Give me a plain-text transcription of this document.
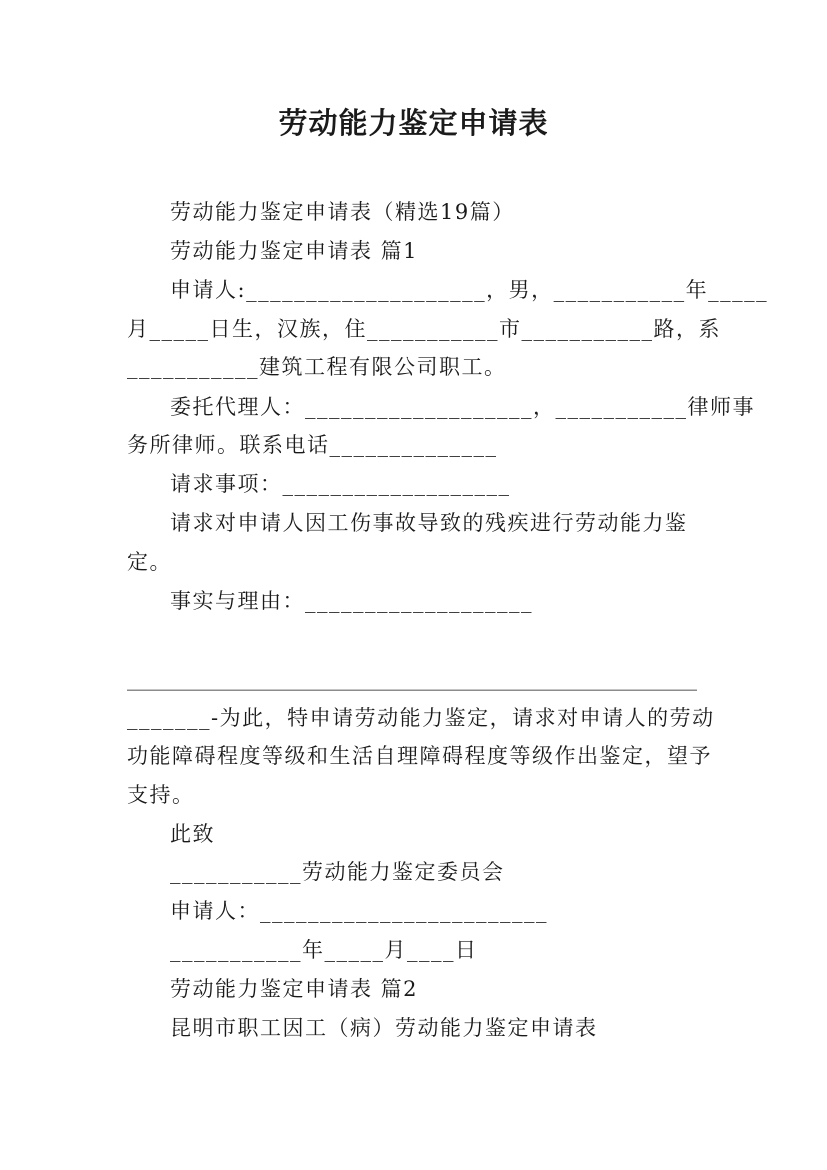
劳动能力鉴定申请表
劳动能力鉴定申请表（精选19篇）
劳动能力鉴定申请表 篇1
申请人:____________________，男，___________年_____
月_____日生，汉族，住___________市___________路，系
___________建筑工程有限公司职工。
委托代理人：___________________，___________律师事
务所律师。联系电话______________
请求事项：___________________
请求对申请人因工伤事故导致的残疾进行劳动能力鉴
定。
事实与理由：___________________
_________________________________________________________
_______-为此，特申请劳动能力鉴定，请求对申请人的劳动
功能障碍程度等级和生活自理障碍程度等级作出鉴定，望予
支持。
此致
___________劳动能力鉴定委员会
申请人：________________________
___________年_____月____日
劳动能力鉴定申请表 篇2
昆明市职工因工（病）劳动能力鉴定申请表
